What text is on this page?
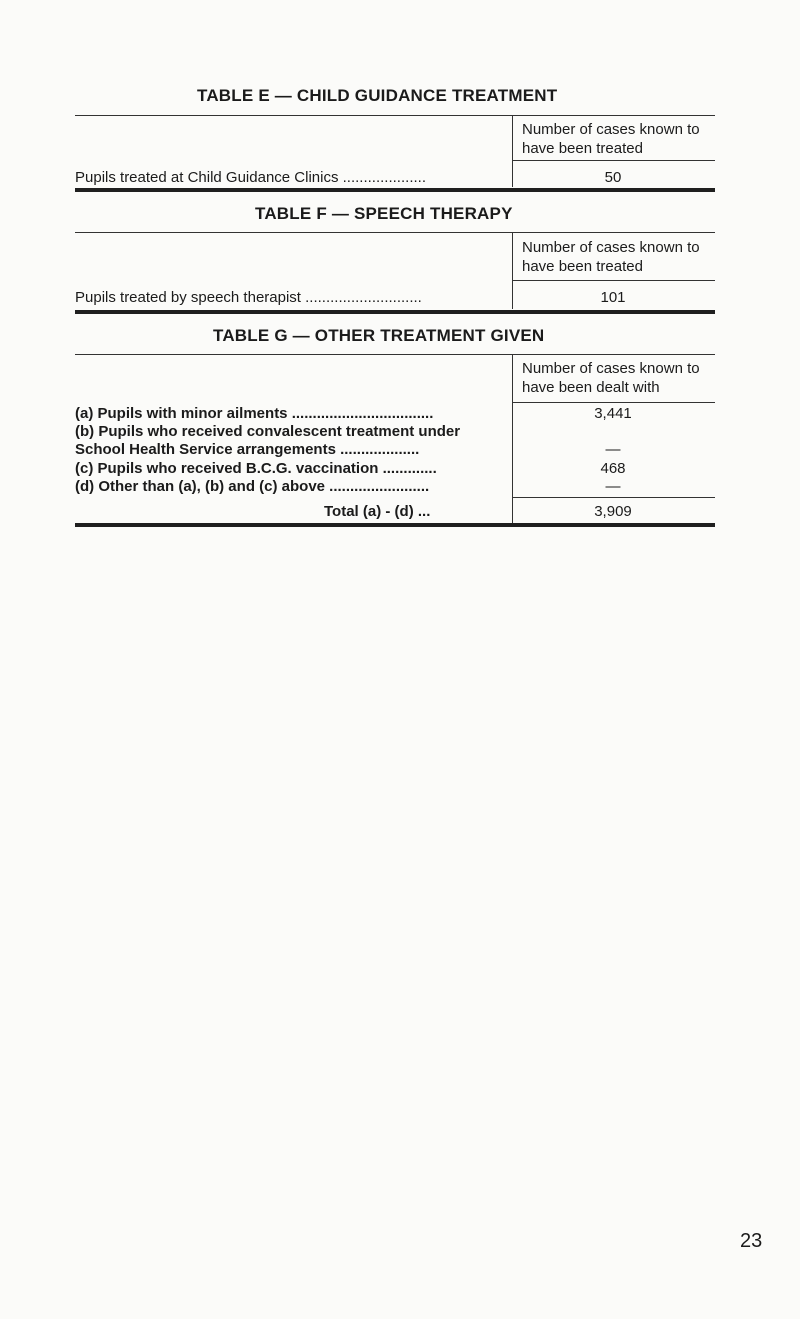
TABLE E — CHILD GUIDANCE TREATMENT
Number of cases known to have been treated
Pupils treated at Child Guidance Clinics ....................	50
TABLE F — SPEECH THERAPY
Number of cases known to have been treated
Pupils treated by speech therapist ............................	101
TABLE G — OTHER TREATMENT GIVEN
Number of cases known to have been dealt with
(a) Pupils with minor ailments ..................................	3,441
(b) Pupils who received convalescent treatment under
School Health Service arrangements ...................	—
(c) Pupils who received B.C.G. vaccination .............	468
(d) Other than (a), (b) and (c) above ........................	—
Total (a) - (d) ...	3,909
23
